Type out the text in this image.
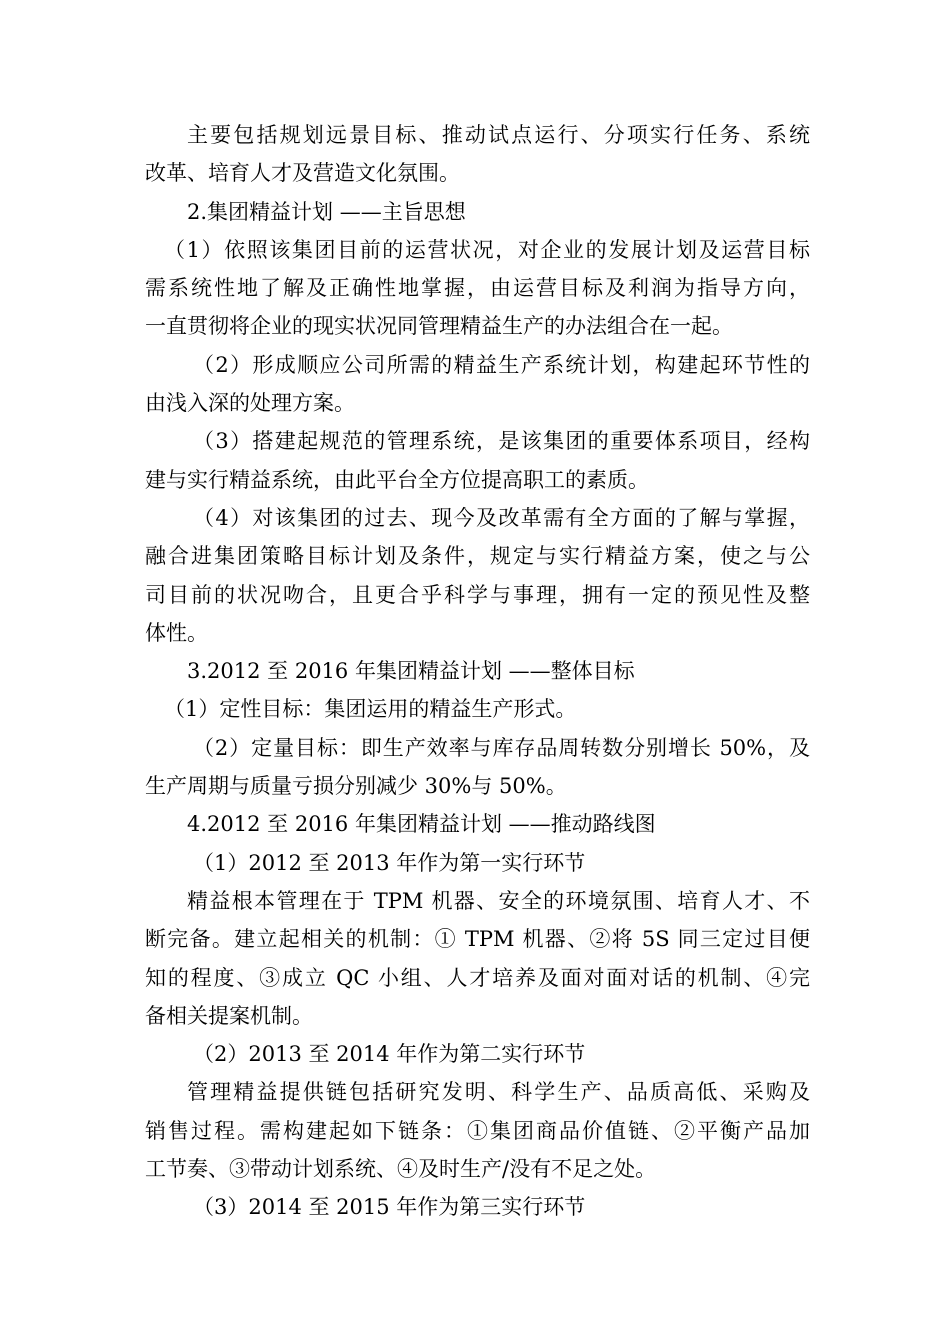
主要包括规划远景目标、推动试点运行、分项实行任务、系统
改革、培育人才及营造文化氛围。
2.集团精益计划 ——主旨思想
（1）依照该集团目前的运营状况，对企业的发展计划及运营目标
需系统性地了解及正确性地掌握，由运营目标及利润为指导方向，
一直贯彻将企业的现实状况同管理精益生产的办法组合在一起。
（2）形成顺应公司所需的精益生产系统计划，构建起环节性的
由浅入深的处理方案。
（3）搭建起规范的管理系统，是该集团的重要体系项目，经构
建与实行精益系统，由此平台全方位提高职工的素质。
（4）对该集团的过去、现今及改革需有全方面的了解与掌握，
融合进集团策略目标计划及条件，规定与实行精益方案，使之与公
司目前的状况吻合，且更合乎科学与事理，拥有一定的预见性及整
体性。
3.2012 至 2016 年集团精益计划 ——整体目标
（1）定性目标：集团运用的精益生产形式。
（2）定量目标：即生产效率与库存品周转数分别增长 50%，及
生产周期与质量亏损分别减少 30%与 50%。
4.2012 至 2016 年集团精益计划 ——推动路线图
（1）2012 至 2013 年作为第一实行环节
精益根本管理在于 TPM 机器、安全的环境氛围、培育人才、不
断完备。建立起相关的机制：① TPM 机器、②将 5S 同三定过目便
知的程度、③成立 QC 小组、人才培养及面对面对话的机制、④完
备相关提案机制。
（2）2013 至 2014 年作为第二实行环节
管理精益提供链包括研究发明、科学生产、品质高低、采购及
销售过程。需构建起如下链条：①集团商品价值链、②平衡产品加
工节奏、③带动计划系统、④及时生产/没有不足之处。
（3）2014 至 2015 年作为第三实行环节
